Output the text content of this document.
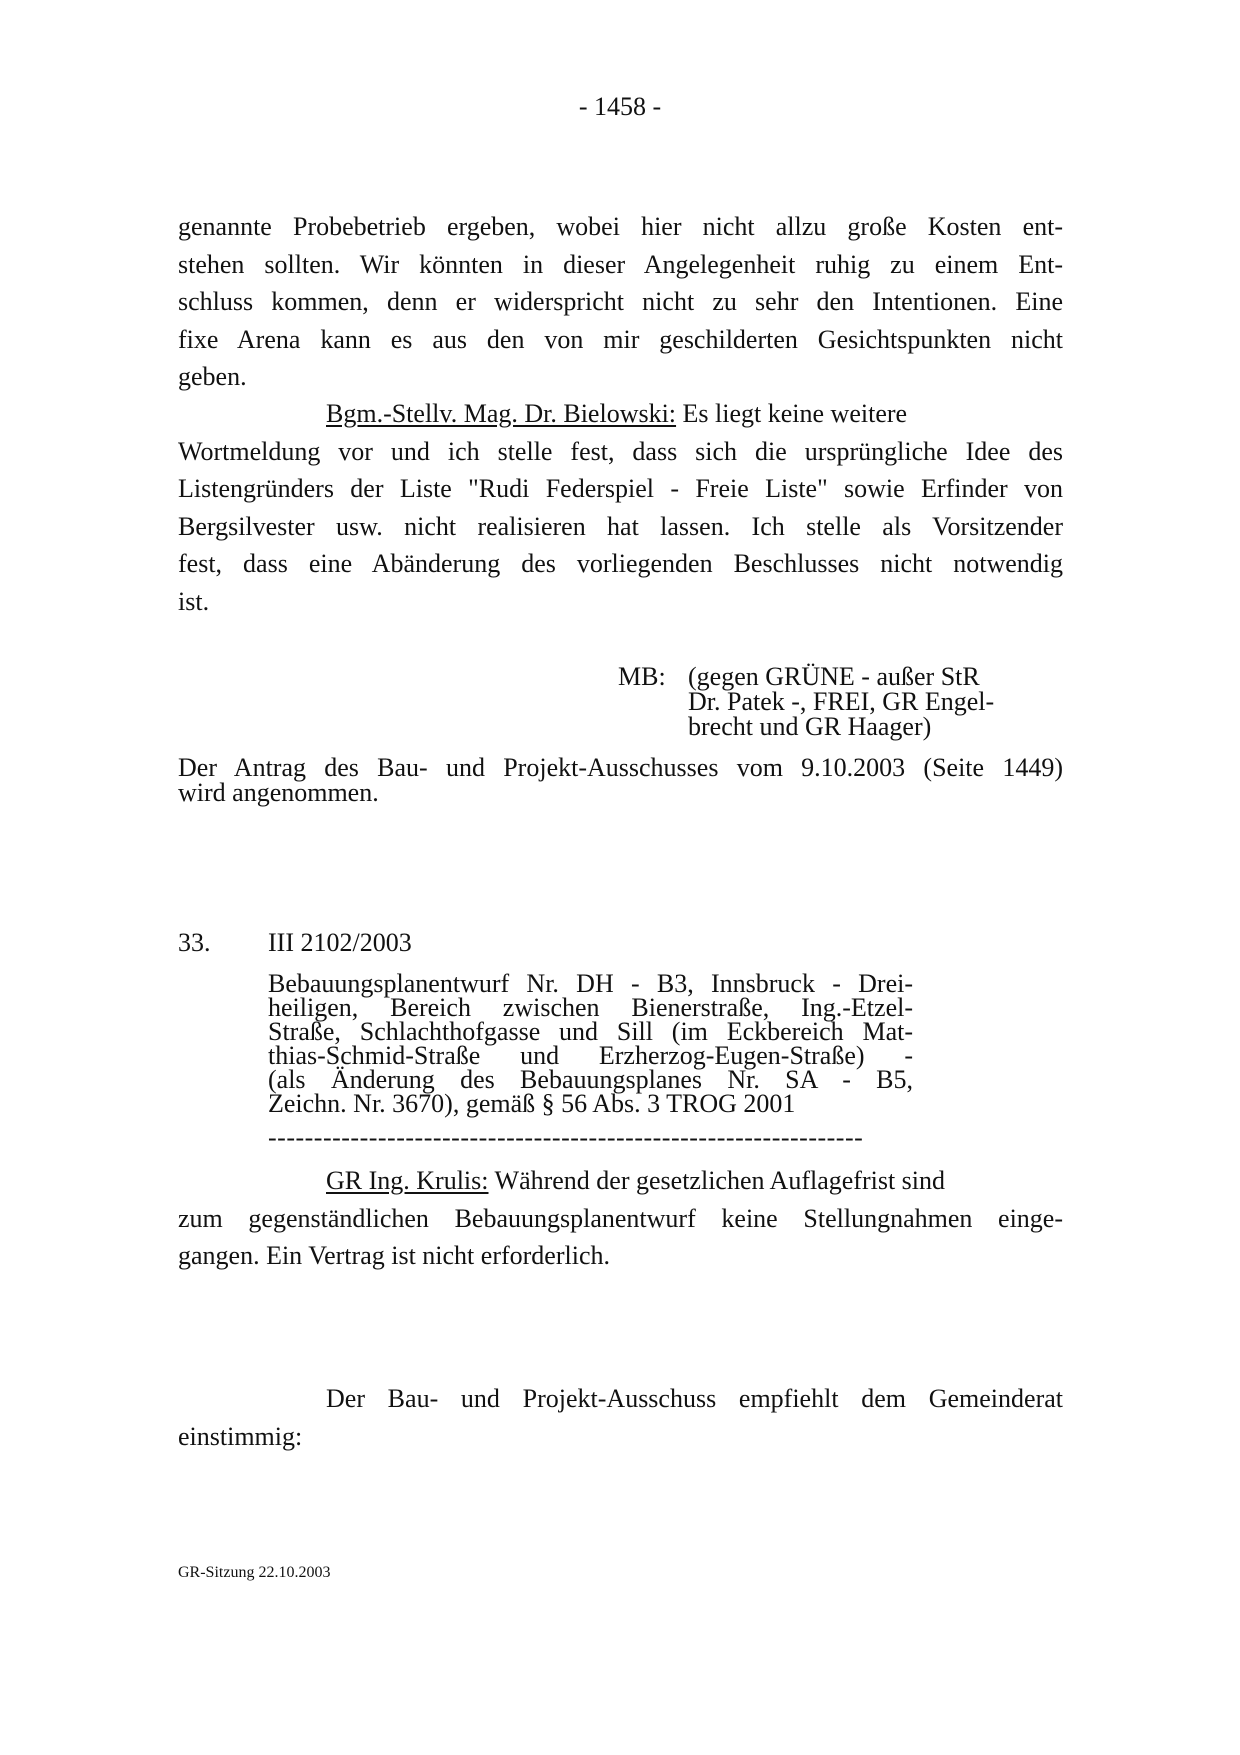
- 1458 -
genannte Probebetrieb ergeben, wobei hier nicht allzu große Kosten ent-
stehen sollten. Wir könnten in dieser Angelegenheit ruhig zu einem Ent-
schluss kommen, denn er widerspricht nicht zu sehr den Intentionen. Eine
fixe Arena kann es aus den von mir geschilderten Gesichtspunkten nicht
geben.
Bgm.-Stellv. Mag. Dr. Bielowski: Es liegt keine weitere
Wortmeldung vor und ich stelle fest, dass sich die ursprüngliche Idee des
Listengründers der Liste "Rudi Federspiel - Freie Liste" sowie Erfinder von
Bergsilvester usw. nicht realisieren hat lassen. Ich stelle als Vorsitzender
fest, dass eine Abänderung des vorliegenden Beschlusses nicht notwendig
ist.
MB: (gegen GRÜNE - außer StR
Dr. Patek -, FREI, GR Engel-
brecht und GR Haager)
Der Antrag des Bau- und Projekt-Ausschusses vom 9.10.2003 (Seite 1449)
wird angenommen.
33. III 2102/2003
Bebauungsplanentwurf Nr. DH - B3, Innsbruck - Drei-
heiligen, Bereich zwischen Bienerstraße, Ing.-Etzel-
Straße, Schlachthofgasse und Sill (im Eckbereich Mat-
thias-Schmid-Straße und Erzherzog-Eugen-Straße) -
(als Änderung des Bebauungsplanes Nr. SA - B5,
Zeichn. Nr. 3670), gemäß § 56 Abs. 3 TROG 2001
-----------------------------------------------------------------
GR Ing. Krulis: Während der gesetzlichen Auflagefrist sind
zum gegenständlichen Bebauungsplanentwurf keine Stellungnahmen einge-
gangen. Ein Vertrag ist nicht erforderlich.
Der Bau- und Projekt-Ausschuss empfiehlt dem Gemeinderat
einstimmig:
GR-Sitzung 22.10.2003
